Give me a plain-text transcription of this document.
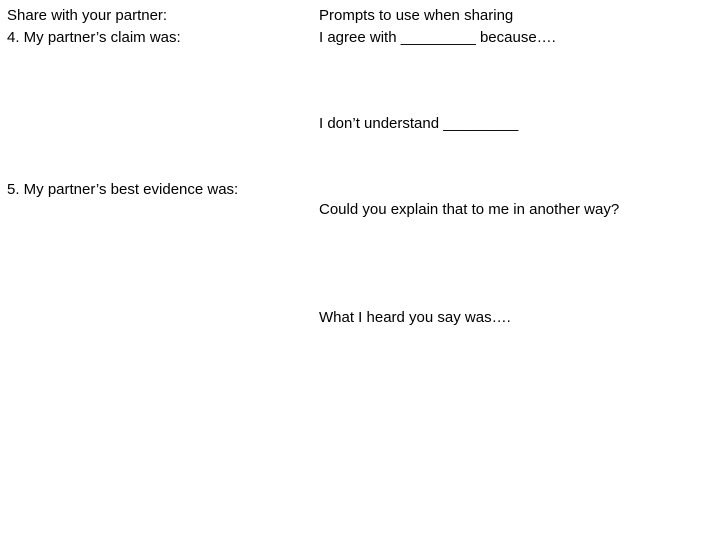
Share with your partner:
4. My partner’s claim was:
5. My partner’s best evidence was:
Prompts to use when sharing
I agree with _________ because….
I don’t understand _________
Could you explain that to me in another way?
What I heard you say was….
